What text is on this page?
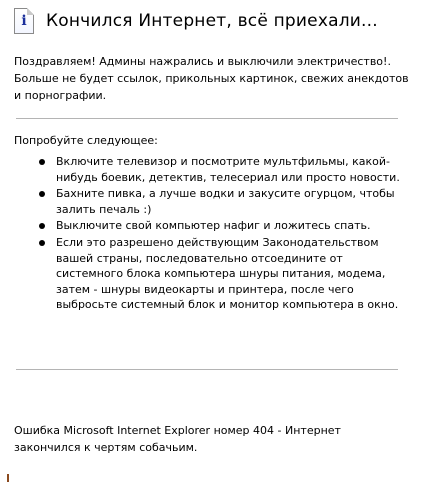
i Кончился Интернет, всё приехали...
Поздравляем! Админы нажрались и выключили электричество!. Больше не будет ссылок, прикольных картинок, свежих анекдотов и порнографии.
Попробуйте следующее:
Включите телевизор и посмотрите мультфильмы, какой-нибудь боевик, детектив, телесериал или просто новости.
Бахните пивка, а лучше водки и закусите огурцом, чтобы залить печаль :)
Выключите свой компьютер нафиг и ложитесь спать.
Если это разрешено действующим Законодательством вашей страны, последовательно отсоедините от системного блока компьютера шнуры питания, модема, затем - шнуры видеокарты и принтера, после чего выбросьте системный блок и монитор компьютера в окно.
Ошибка Microsoft Internet Explorer номер 404 - Интернет закончился к чертям собачьим.
